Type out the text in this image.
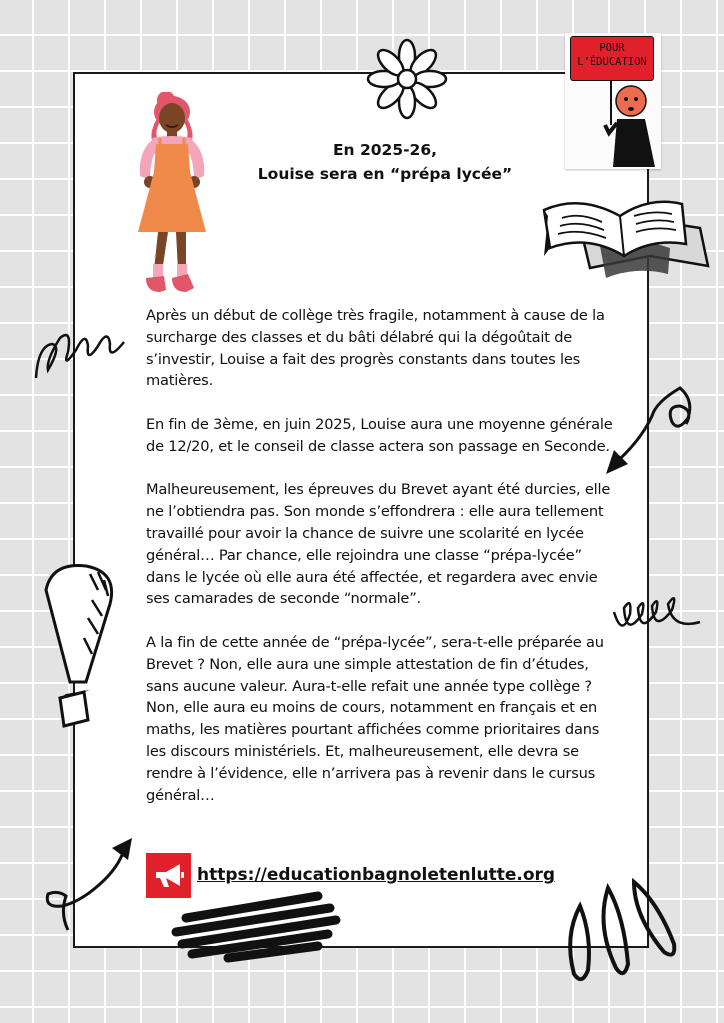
En 2025-26,
Louise sera en “prépa lycée”
POUR
L’ÉDUCATION

Après un début de collège très fragile, notamment à cause de la surcharge des classes et du bâti délabré qui la dégoûtait de s’investir, Louise a fait des progrès constants dans toutes les matières.

En fin de 3ème, en juin 2025, Louise aura une moyenne générale de 12/20, et le conseil de classe actera son passage en Seconde.

Malheureusement, les épreuves du Brevet ayant été durcies, elle ne l’obtiendra pas. Son monde s’effondrera : elle aura tellement travaillé pour avoir la chance de suivre une scolarité en lycée général… Par chance, elle rejoindra une classe “prépa-lycée” dans le lycée où elle aura été affectée, et regardera avec envie ses camarades de seconde “normale”.

A la fin de cette année de “prépa-lycée”, sera-t-elle préparée au Brevet ? Non, elle aura une simple attestation de fin d’études, sans aucune valeur. Aura-t-elle refait une année type collège ? Non, elle aura eu moins de cours, notamment en français et en maths, les matières pourtant affichées comme prioritaires dans les discours ministériels. Et, malheureusement, elle devra se rendre à l’évidence, elle n’arrivera pas à revenir dans le cursus général…

https://educationbagnoletenlutte.org
